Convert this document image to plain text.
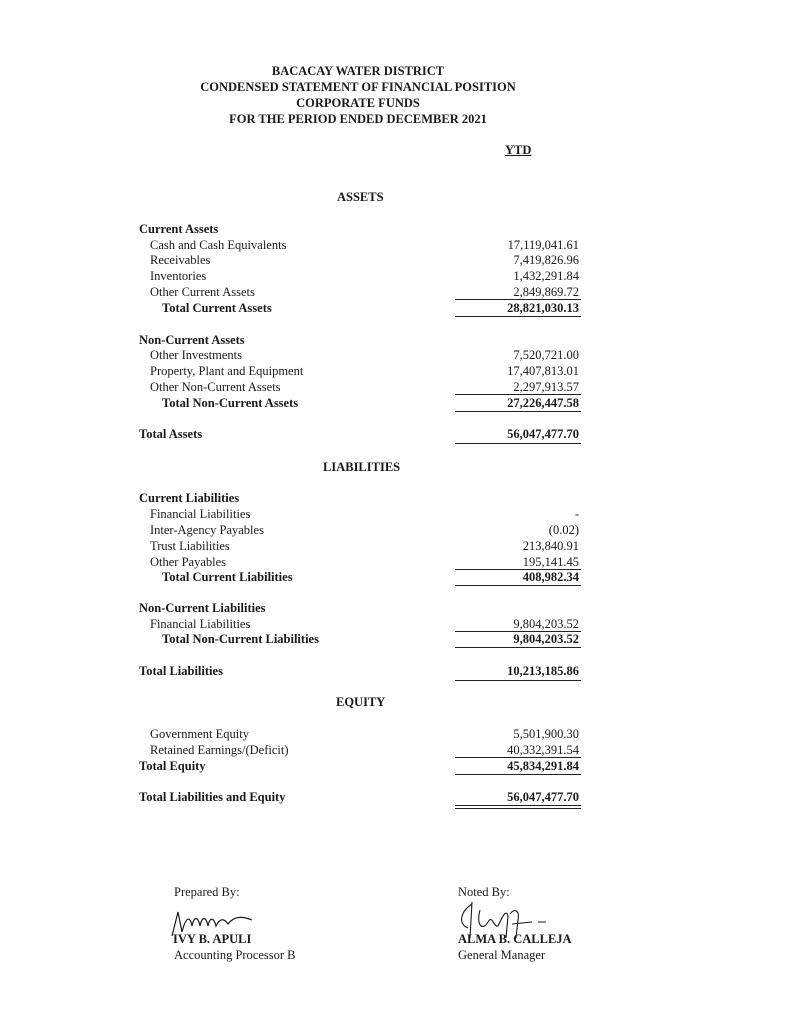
BACACAY WATER DISTRICT
CONDENSED STATEMENT OF FINANCIAL POSITION
CORPORATE FUNDS
FOR THE PERIOD ENDED DECEMBER 2021
YTD
ASSETS
Current Assets
Cash and Cash Equivalents	17,119,041.61
Receivables	7,419,826.96
Inventories	1,432,291.84
Other Current Assets	2,849,869.72
Total Current Assets	28,821,030.13
Non-Current Assets
Other Investments	7,520,721.00
Property, Plant and Equipment	17,407,813.01
Other Non-Current Assets	2,297,913.57
Total Non-Current Assets	27,226,447.58
Total Assets	56,047,477.70
LIABILITIES
Current Liabilities
Financial Liabilities	-
Inter-Agency Payables	(0.02)
Trust Liabilities	213,840.91
Other Payables	195,141.45
Total Current Liabilities	408,982.34
Non-Current Liabilities
Financial Liabilities	9,804,203.52
Total Non-Current Liabilities	9,804,203.52
Total Liabilities	10,213,185.86
EQUITY
Government Equity	5,501,900.30
Retained Earnings/(Deficit)	40,332,391.54
Total Equity	45,834,291.84
Total Liabilities and Equity	56,047,477.70
Prepared By:
IVY B. APULI
Accounting Processor B
Noted By:
ALMA B. CALLEJA
General Manager
